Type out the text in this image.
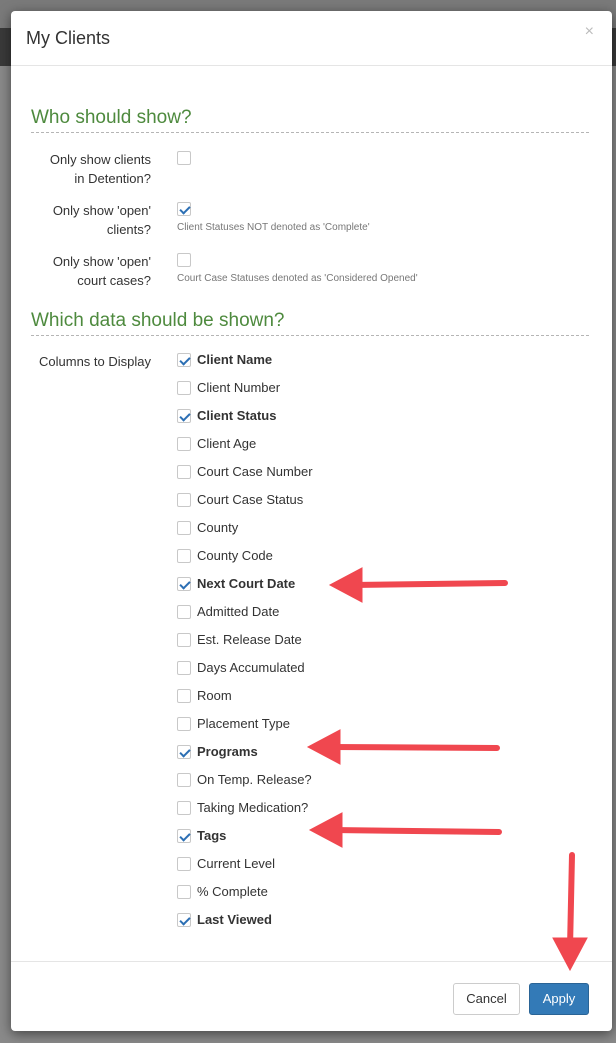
My Clients	×
Who should show?
Only show clients
in Detention?
Only show 'open'
clients?	Client Statuses NOT denoted as 'Complete'
Only show 'open'
court cases?	Court Case Statuses denoted as 'Considered Opened'
Which data should be shown?
Columns to Display	Client Name
Client Number
Client Status
Client Age
Court Case Number
Court Case Status
County
County Code
Next Court Date
Admitted Date
Est. Release Date
Days Accumulated
Room
Placement Type
Programs
On Temp. Release?
Taking Medication?
Tags
Current Level
% Complete
Last Viewed
Cancel	Apply
